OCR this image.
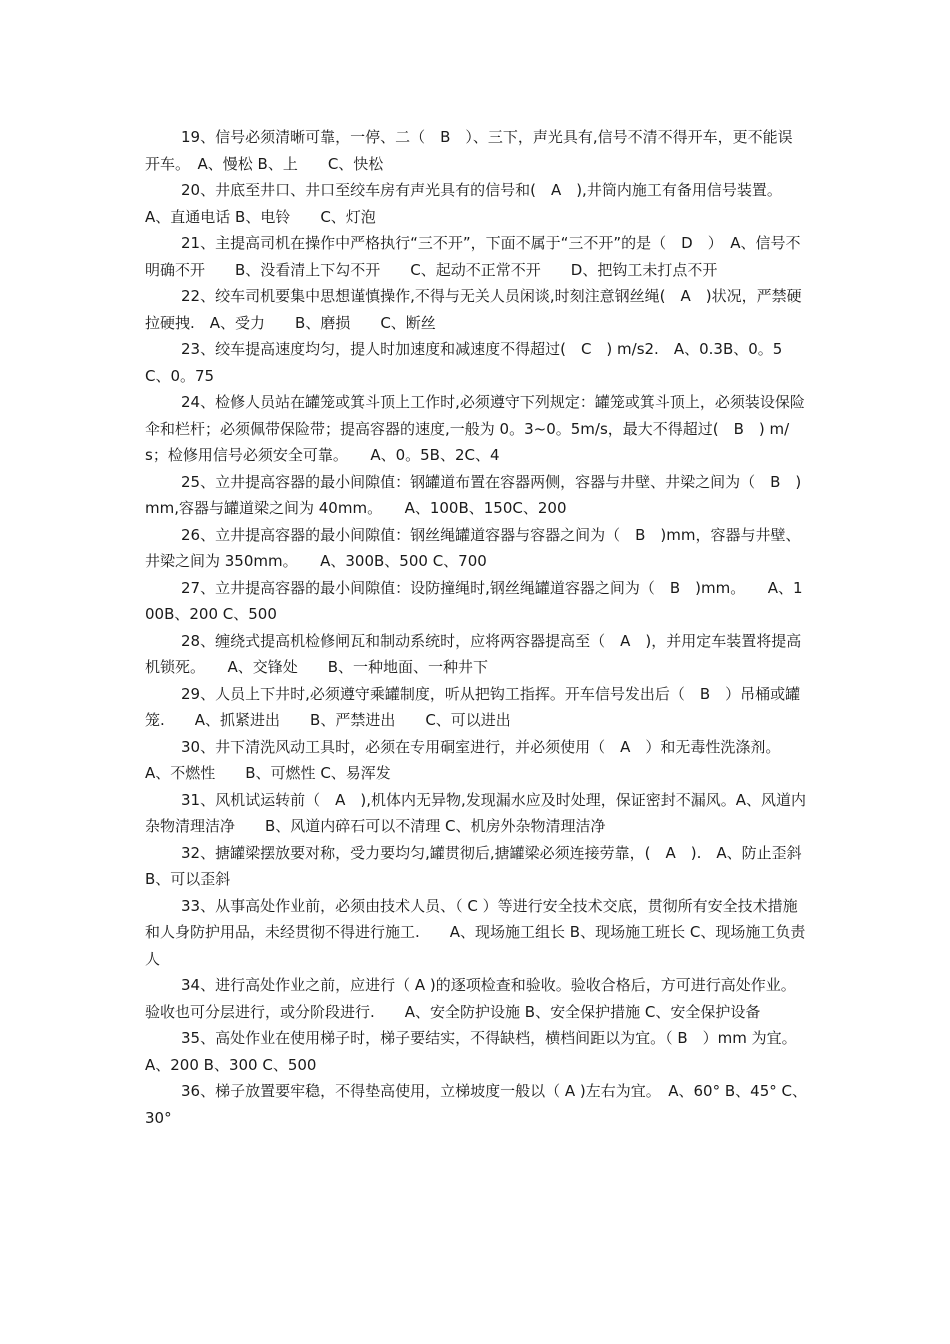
19、信号必须清晰可靠，一停、二（　B　）、三下，声光具有,信号不清不得开车，更不能误开车。　A、慢松 B、上　　C、快松

20、井底至井口、井口至绞车房有声光具有的信号和(　A　),井筒内施工有备用信号装置。　A、直通电话 B、电铃　　C、灯泡

21、主提高司机在操作中严格执行“三不开”，下面不属于“三不开”的是（　D　）　A、信号不明确不开　　B、没看清上下勾不开　　C、起动不正常不开　　D、把钩工未打点不开

22、绞车司机要集中思想谨慎操作,不得与无关人员闲谈,时刻注意钢丝绳(　A　)状况，严禁硬拉硬拽.　A、受力　　B、磨损　　C、断丝

23、绞车提高速度均匀，提人时加速度和减速度不得超过(　C　) m/s2.　A、0.3B、0。5C、0。75

24、检修人员站在罐笼或箕斗顶上工作时,必须遵守下列规定：罐笼或箕斗顶上，必须装设保险伞和栏杆；必须佩带保险带；提高容器的速度,一般为 0。3~0。5m/s，最大不得超过(　B　) m/s；检修用信号必须安全可靠。　　A、0。5B、2C、4

25、立井提高容器的最小间隙值：钢罐道布置在容器两侧，容器与井壁、井梁之间为（　B　)mm,容器与罐道梁之间为 40mm。　　A、100B、150C、200

26、立井提高容器的最小间隙值：钢丝绳罐道容器与容器之间为（　B　)mm，容器与井壁、井梁之间为 350mm。　　A、300B、500 C、700

27、立井提高容器的最小间隙值：设防撞绳时,钢丝绳罐道容器之间为（　B　)mm。　　A、100B、200 C、500

28、缠绕式提高机检修闸瓦和制动系统时，应将两容器提高至（　A　)，并用定车装置将提高机锁死。　　A、交锋处　　B、一种地面、一种井下

29、人员上下井时,必须遵守乘罐制度，听从把钩工指挥。开车信号发出后（　B　）吊桶或罐笼.　　A、抓紧进出　　B、严禁进出　　C、可以进出

30、井下清洗风动工具时，必须在专用硐室进行，并必须使用（　A　）和无毒性洗涤剂。　　A、不燃性　　B、可燃性 C、易浑发

31、风机试运转前（　A　),机体内无异物,发现漏水应及时处理，保证密封不漏风。A、风道内杂物清理洁净　　B、风道内碎石可以不清理 C、机房外杂物清理洁净

32、搪罐梁摆放要对称，受力要均匀,罐贯彻后,搪罐梁必须连接劳靠，(　A　).　A、防止歪斜　　B、可以歪斜

33、从事高处作业前，必须由技术人员、（ C ）等进行安全技术交底，贯彻所有安全技术措施和人身防护用品，未经贯彻不得进行施工.　　A、现场施工组长 B、现场施工班长 C、现场施工负责人

34、进行高处作业之前，应进行（ A )的逐项检查和验收。验收合格后，方可进行高处作业。验收也可分层进行，或分阶段进行.　　A、安全防护设施 B、安全保护措施 C、安全保护设备

35、高处作业在使用梯子时，梯子要结实，不得缺档，横档间距以为宜。（ B　）mm 为宜。　　A、200 B、300 C、500

36、梯子放置要牢稳，不得垫高使用，立梯坡度一般以（ A )左右为宜。　A、60° B、45° C、30°
